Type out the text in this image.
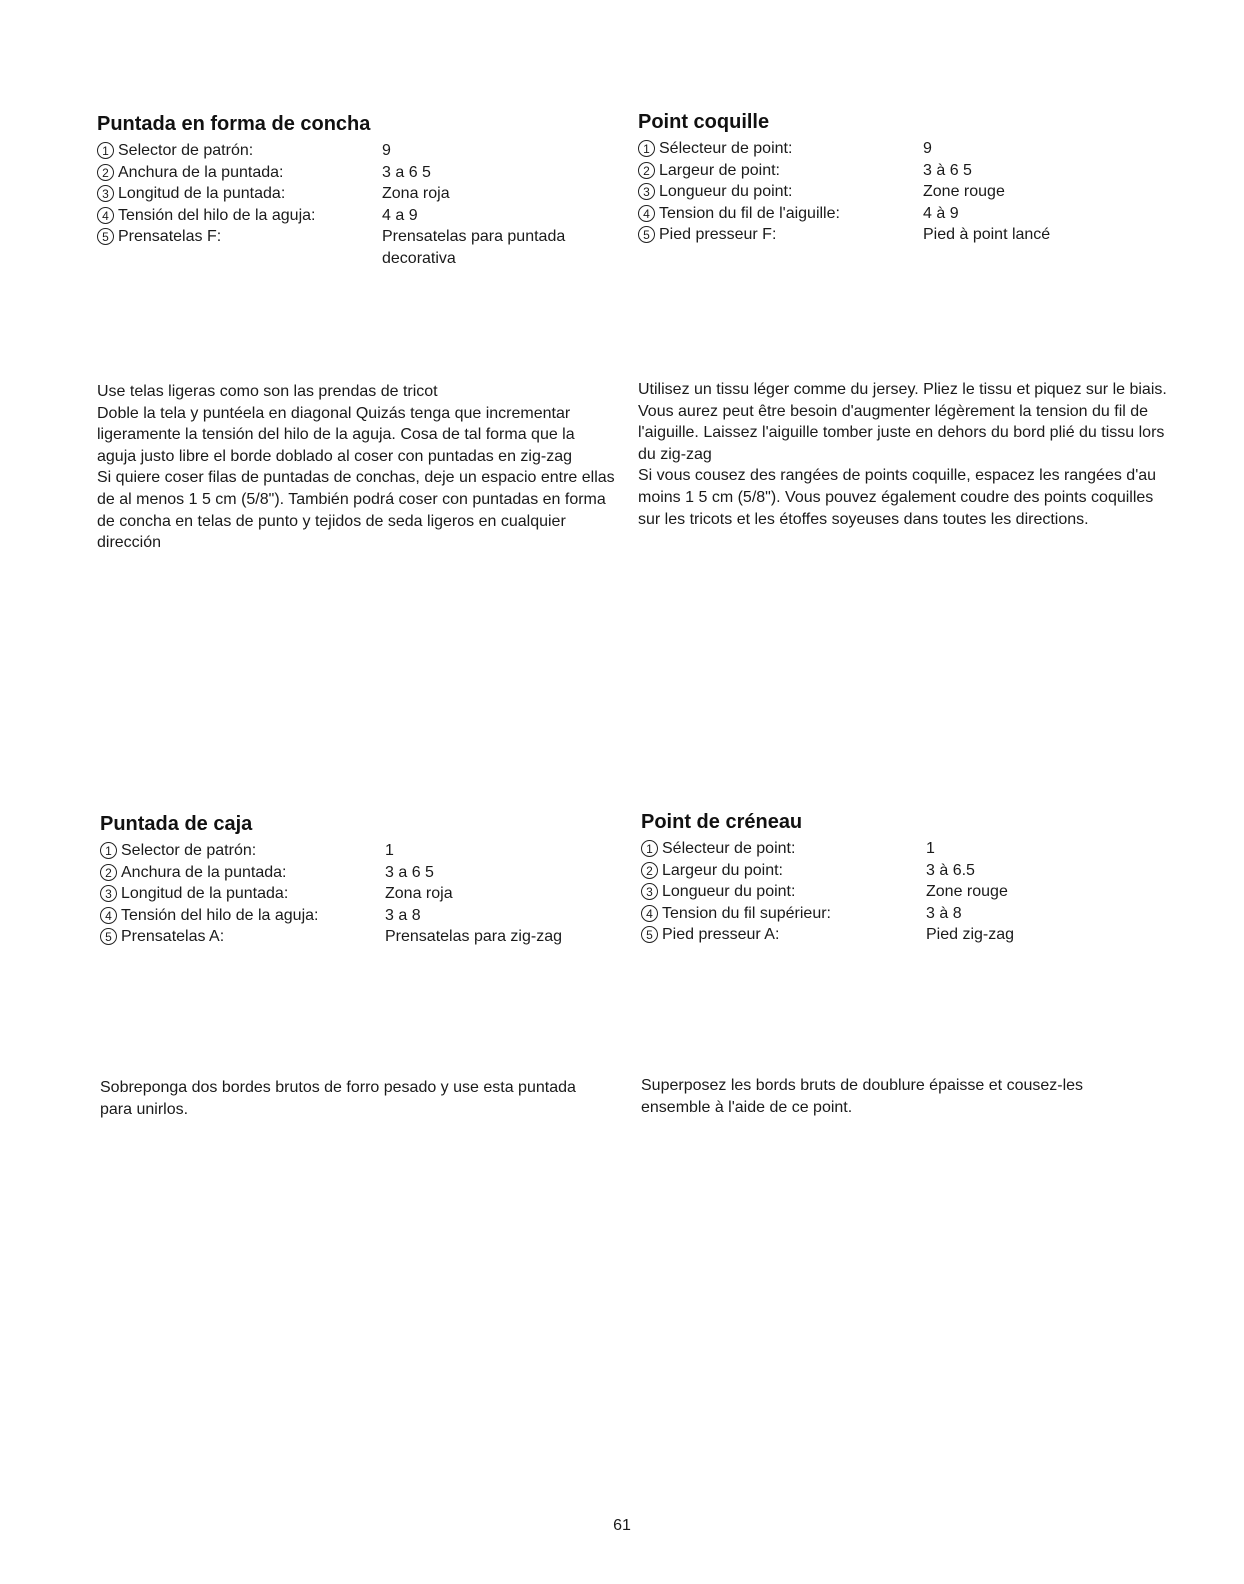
Puntada en forma de concha
1 Selector de patrón:	9
2 Anchura de la puntada:	3 a 6 5
3 Longitud de la puntada:	Zona roja
4 Tensión del hilo de la aguja:	4 a 9
5 Prensatelas F:	Prensatelas para puntada decorativa
Point coquille
1 Sélecteur de point:	9
2 Largeur de point:	3 à 6 5
3 Longueur du point:	Zone rouge
4 Tension du fil de l'aiguille:	4 à 9
5 Pied presseur F:	Pied à point lancé

Use telas ligeras como son las prendas de tricot

Doble la tela y puntéela en diagonal Quizás tenga que incrementar ligeramente la tensión del hilo de la aguja. Cosa de tal forma que la aguja justo libre el borde doblado al coser con puntadas en zig-zag

Si quiere coser filas de puntadas de conchas, deje un espacio entre ellas de al menos 1 5 cm (5/8"). También podrá coser con puntadas en forma de concha en telas de punto y tejidos de seda ligeros en cualquier dirección

Utilisez un tissu léger comme du jersey. Pliez le tissu et piquez sur le biais. Vous aurez peut être besoin d'augmenter légèrement la tension du fil de l'aiguille. Laissez l'aiguille tomber juste en dehors du bord plié du tissu lors du zig-zag

Si vous cousez des rangées de points coquille, espacez les rangées d'au moins 1 5 cm (5/8"). Vous pouvez également coudre des points coquilles sur les tricots et les étoffes soyeuses dans toutes les directions.

Puntada de caja
1 Selector de patrón:	1
2 Anchura de la puntada:	3 a 6 5
3 Longitud de la puntada:	Zona roja
4 Tensión del hilo de la aguja:	3 a 8
5 Prensatelas A:	Prensatelas para zig-zag
Point de créneau
1 Sélecteur de point:	1
2 Largeur du point:	3 à 6.5
3 Longueur du point:	Zone rouge
4 Tension du fil supérieur:	3 à 8
5 Pied presseur A:	Pied zig-zag

Sobreponga dos bordes brutos de forro pesado y use esta puntada para unirlos.

Superposez les bords bruts de doublure épaisse et cousez-les ensemble à l'aide de ce point.

61
